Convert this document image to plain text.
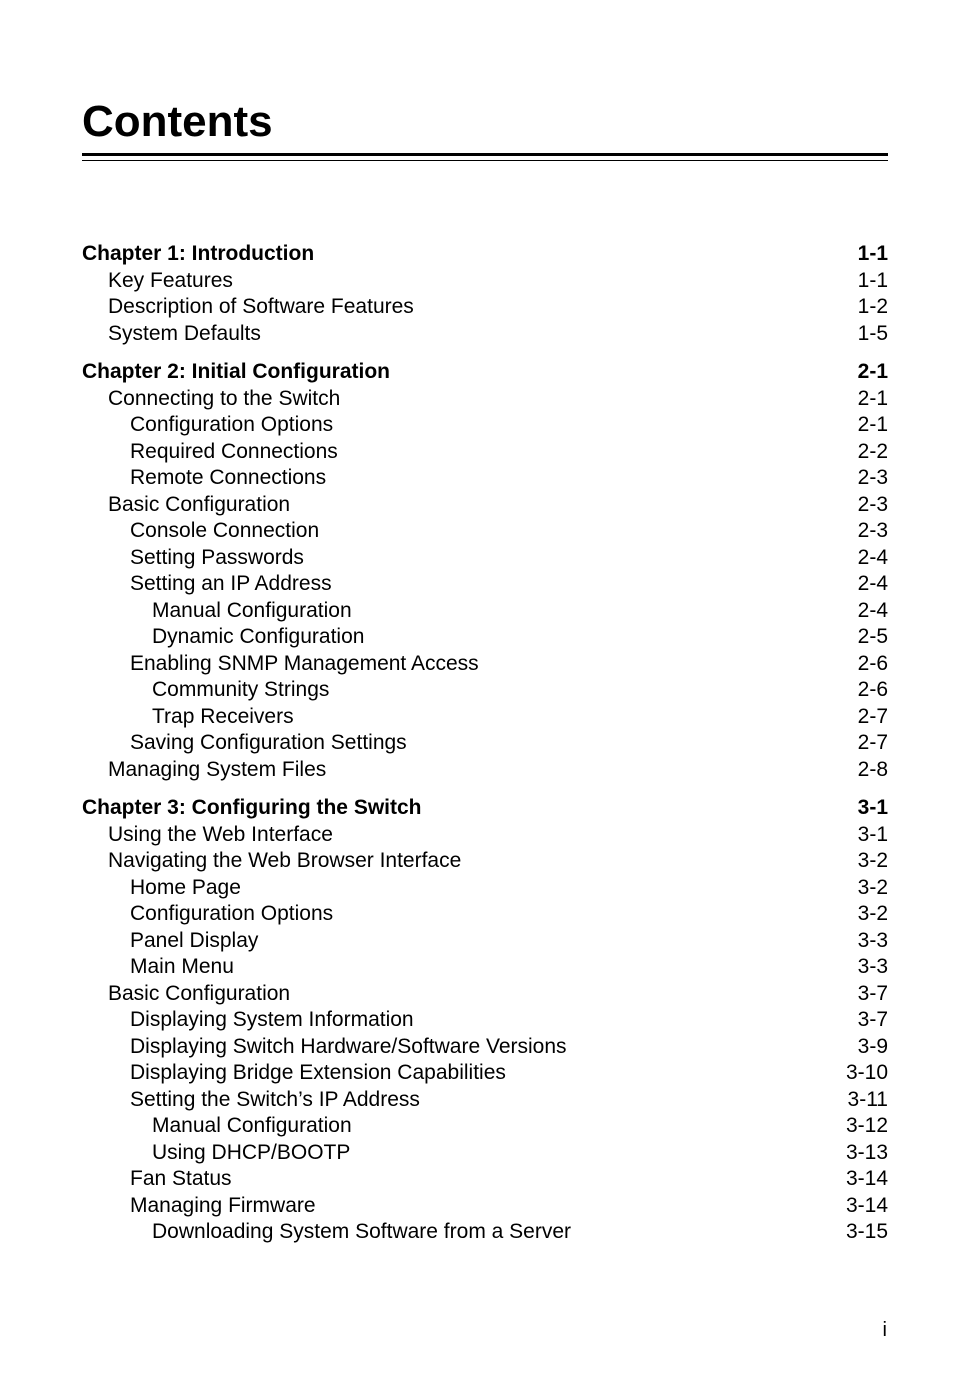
Contents
Chapter 1: Introduction	1-1
Key Features	1-1
Description of Software Features	1-2
System Defaults	1-5
Chapter 2: Initial Configuration	2-1
Connecting to the Switch	2-1
Configuration Options	2-1
Required Connections	2-2
Remote Connections	2-3
Basic Configuration	2-3
Console Connection	2-3
Setting Passwords	2-4
Setting an IP Address	2-4
Manual Configuration	2-4
Dynamic Configuration	2-5
Enabling SNMP Management Access	2-6
Community Strings	2-6
Trap Receivers	2-7
Saving Configuration Settings	2-7
Managing System Files	2-8
Chapter 3: Configuring the Switch	3-1
Using the Web Interface	3-1
Navigating the Web Browser Interface	3-2
Home Page	3-2
Configuration Options	3-2
Panel Display	3-3
Main Menu	3-3
Basic Configuration	3-7
Displaying System Information	3-7
Displaying Switch Hardware/Software Versions	3-9
Displaying Bridge Extension Capabilities	3-10
Setting the Switch’s IP Address	3-11
Manual Configuration	3-12
Using DHCP/BOOTP	3-13
Fan Status	3-14
Managing Firmware	3-14
Downloading System Software from a Server	3-15
i
